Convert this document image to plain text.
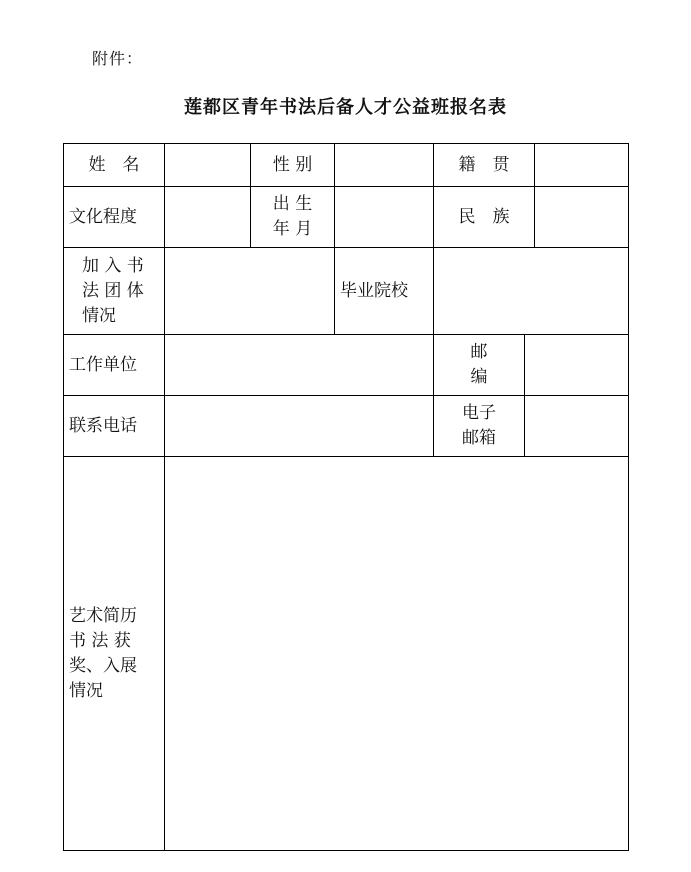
附件：
莲都区青年书法后备人才公益班报名表
姓　名	性 别	籍　贯
文化程度
出 生
年 月
民　族
加 入 书
法 团 体
情况
毕业院校
工作单位
邮
编
联系电话
电子
邮箱
艺术简历
书 法 获
奖、入展
情况
